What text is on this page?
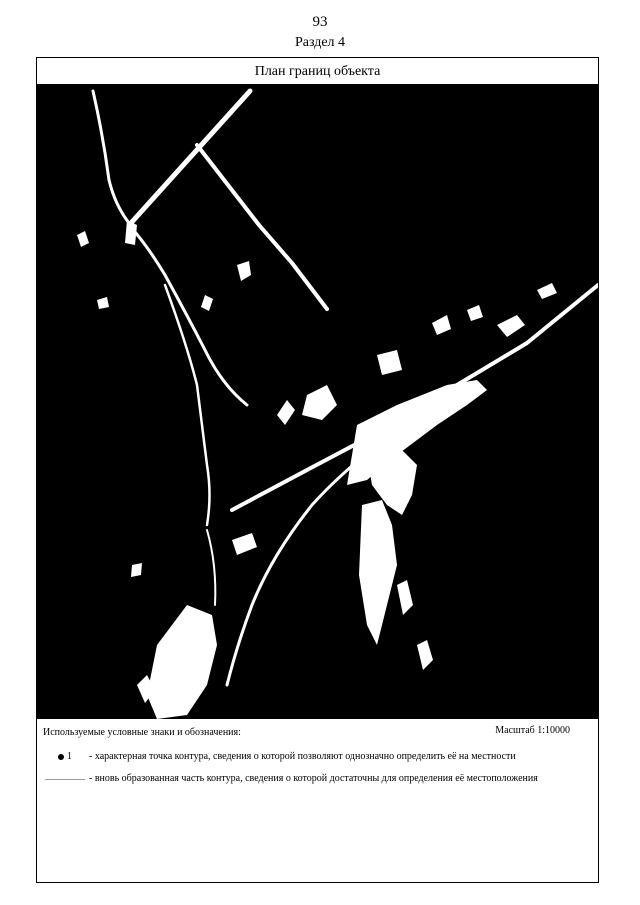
93
Раздел 4
План границ объекта
Используемые условные знаки и обозначения:	Масштаб 1:10000
1 - характерная точка контура, сведения о которой позволяют однозначно определить её на местности
- вновь образованная часть контура, сведения о которой достаточны для определения её местоположения
